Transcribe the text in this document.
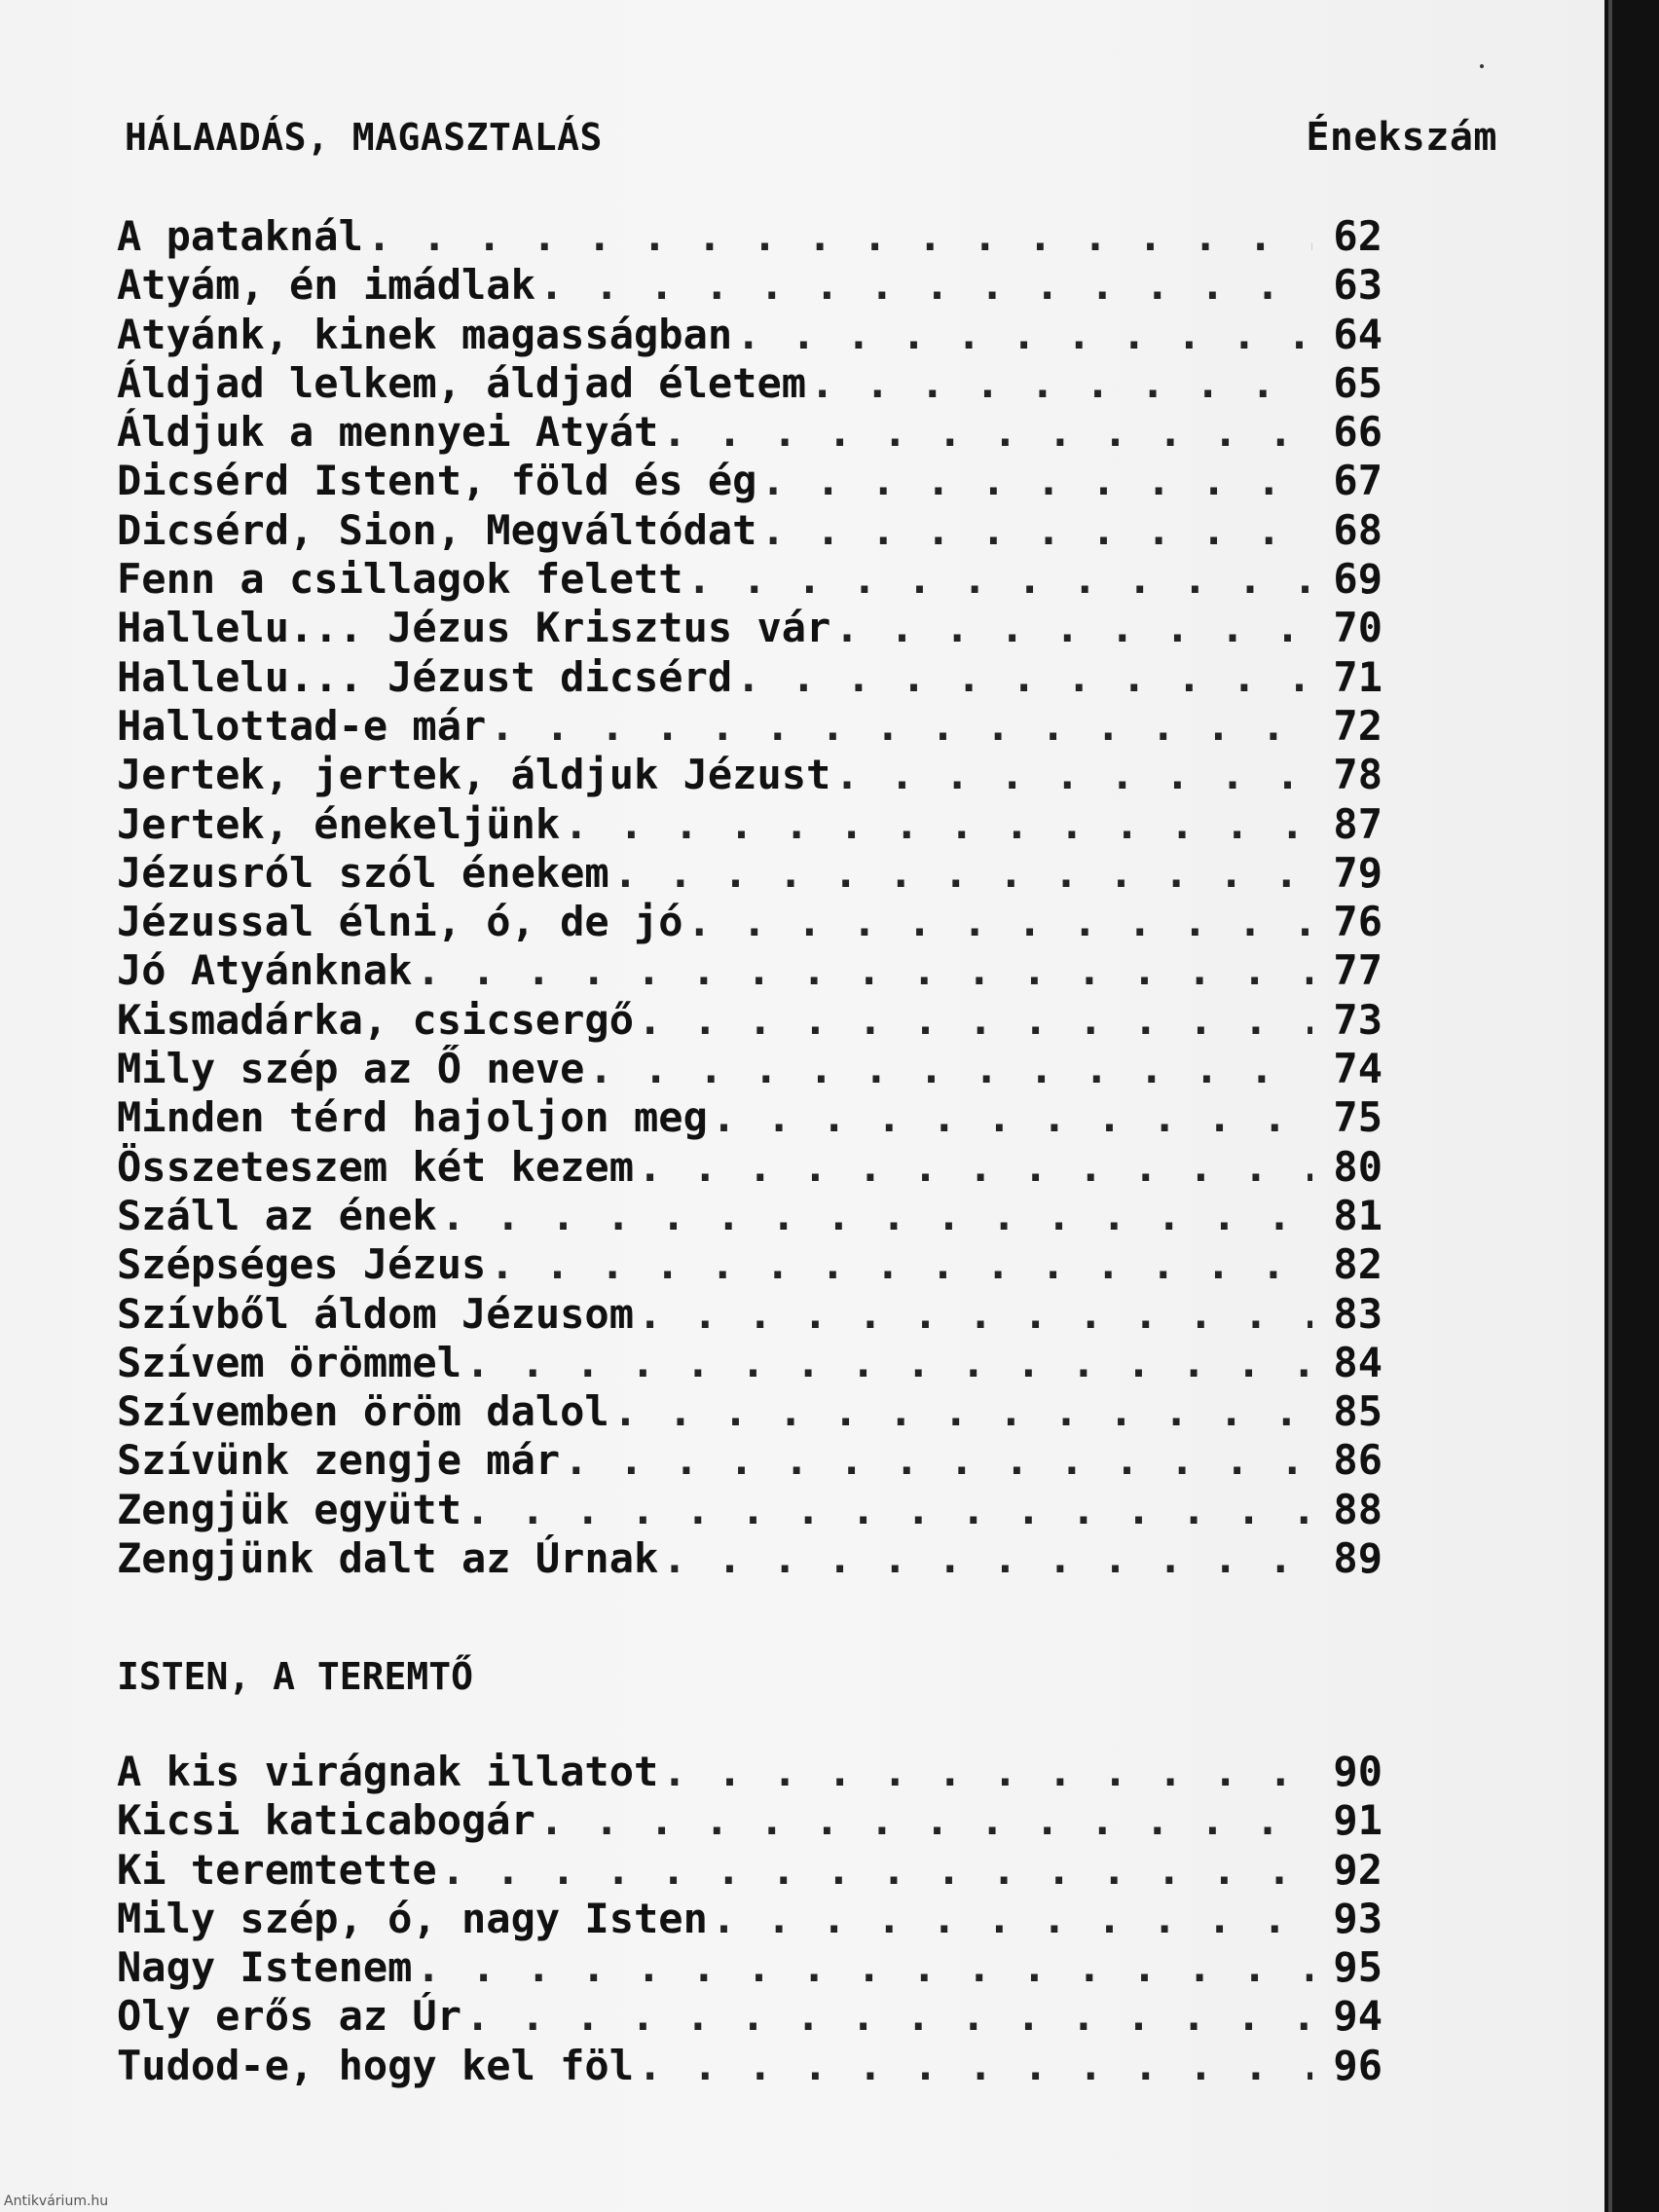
HÁLAADÁS, MAGASZTALÁS	Énekszám
A pataknál . . .	62
Atyám, én imádlak . . .	63
Atyánk, kinek magasságban . . .	64
Áldjad lelkem, áldjad életem . . .	65
Áldjuk a mennyei Atyát . . .	66
Dicsérd Istent, föld és ég . . .	67
Dicsérd, Sion, Megváltódat . . .	68
Fenn a csillagok felett . . .	69
Hallelu... Jézus Krisztus vár . . .	70
Hallelu... Jézust dicsérd . . .	71
Hallottad-e már . . .	72
Jertek, jertek, áldjuk Jézust . . .	78
Jertek, énekeljünk . . .	87
Jézusról szól énekem . . .	79
Jézussal élni, ó, de jó . . .	76
Jó Atyánknak . . .	77
Kismadárka, csicsergő . . .	73
Mily szép az Ő neve . . .	74
Minden térd hajoljon meg . . .	75
Összeteszem két kezem . . .	80
Száll az ének . . .	81
Szépséges Jézus . . .	82
Szívből áldom Jézusom . . .	83
Szívem örömmel . . .	84
Szívemben öröm dalol . . .	85
Szívünk zengje már . . .	86
Zengjük együtt . . .	88
Zengjünk dalt az Úrnak . . .	89
ISTEN, A TEREMTŐ
A kis virágnak illatot . . .	90
Kicsi katicabogár . . .	91
Ki teremtette . . .	92
Mily szép, ó, nagy Isten . . .	93
Nagy Istenem . . .	95
Oly erős az Úr . . .	94
Tudod-e, hogy kel föl . . .	96
Antikvárium.hu
